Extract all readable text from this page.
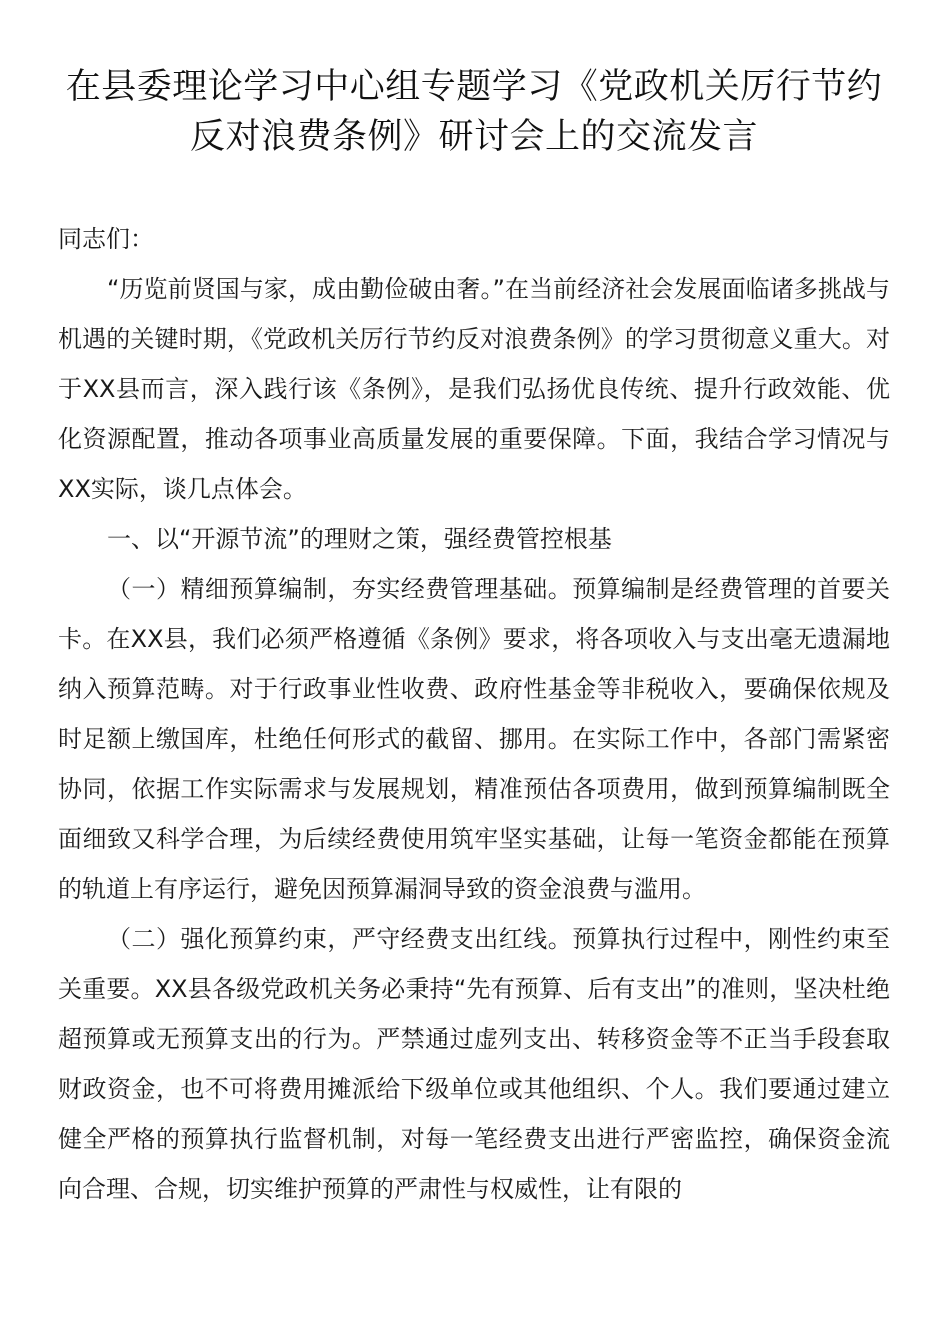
在县委理论学习中心组专题学习《党政机关厉行节约
反对浪费条例》研讨会上的交流发言

同志们：

“历览前贤国与家，成由勤俭破由奢。”在当前经济社会发展面临诸多挑战与机遇的关键时期，《党政机关厉行节约反对浪费条例》的学习贯彻意义重大。对于XX县而言，深入践行该《条例》，是我们弘扬优良传统、提升行政效能、优化资源配置，推动各项事业高质量发展的重要保障。下面，我结合学习情况与XX实际，谈几点体会。

一、以“开源节流”的理财之策，强经费管控根基

（一）精细预算编制，夯实经费管理基础。预算编制是经费管理的首要关卡。在XX县，我们必须严格遵循《条例》要求，将各项收入与支出毫无遗漏地纳入预算范畴。对于行政事业性收费、政府性基金等非税收入，要确保依规及时足额上缴国库，杜绝任何形式的截留、挪用。在实际工作中，各部门需紧密协同，依据工作实际需求与发展规划，精准预估各项费用，做到预算编制既全面细致又科学合理，为后续经费使用筑牢坚实基础，让每一笔资金都能在预算的轨道上有序运行，避免因预算漏洞导致的资金浪费与滥用。

（二）强化预算约束，严守经费支出红线。预算执行过程中，刚性约束至关重要。XX县各级党政机关务必秉持“先有预算、后有支出”的准则，坚决杜绝超预算或无预算支出的行为。严禁通过虚列支出、转移资金等不正当手段套取财政资金，也不可将费用摊派给下级单位或其他组织、个人。我们要通过建立健全严格的预算执行监督机制，对每一笔经费支出进行严密监控，确保资金流向合理、合规，切实维护预算的严肃性与权威性，让有限的
